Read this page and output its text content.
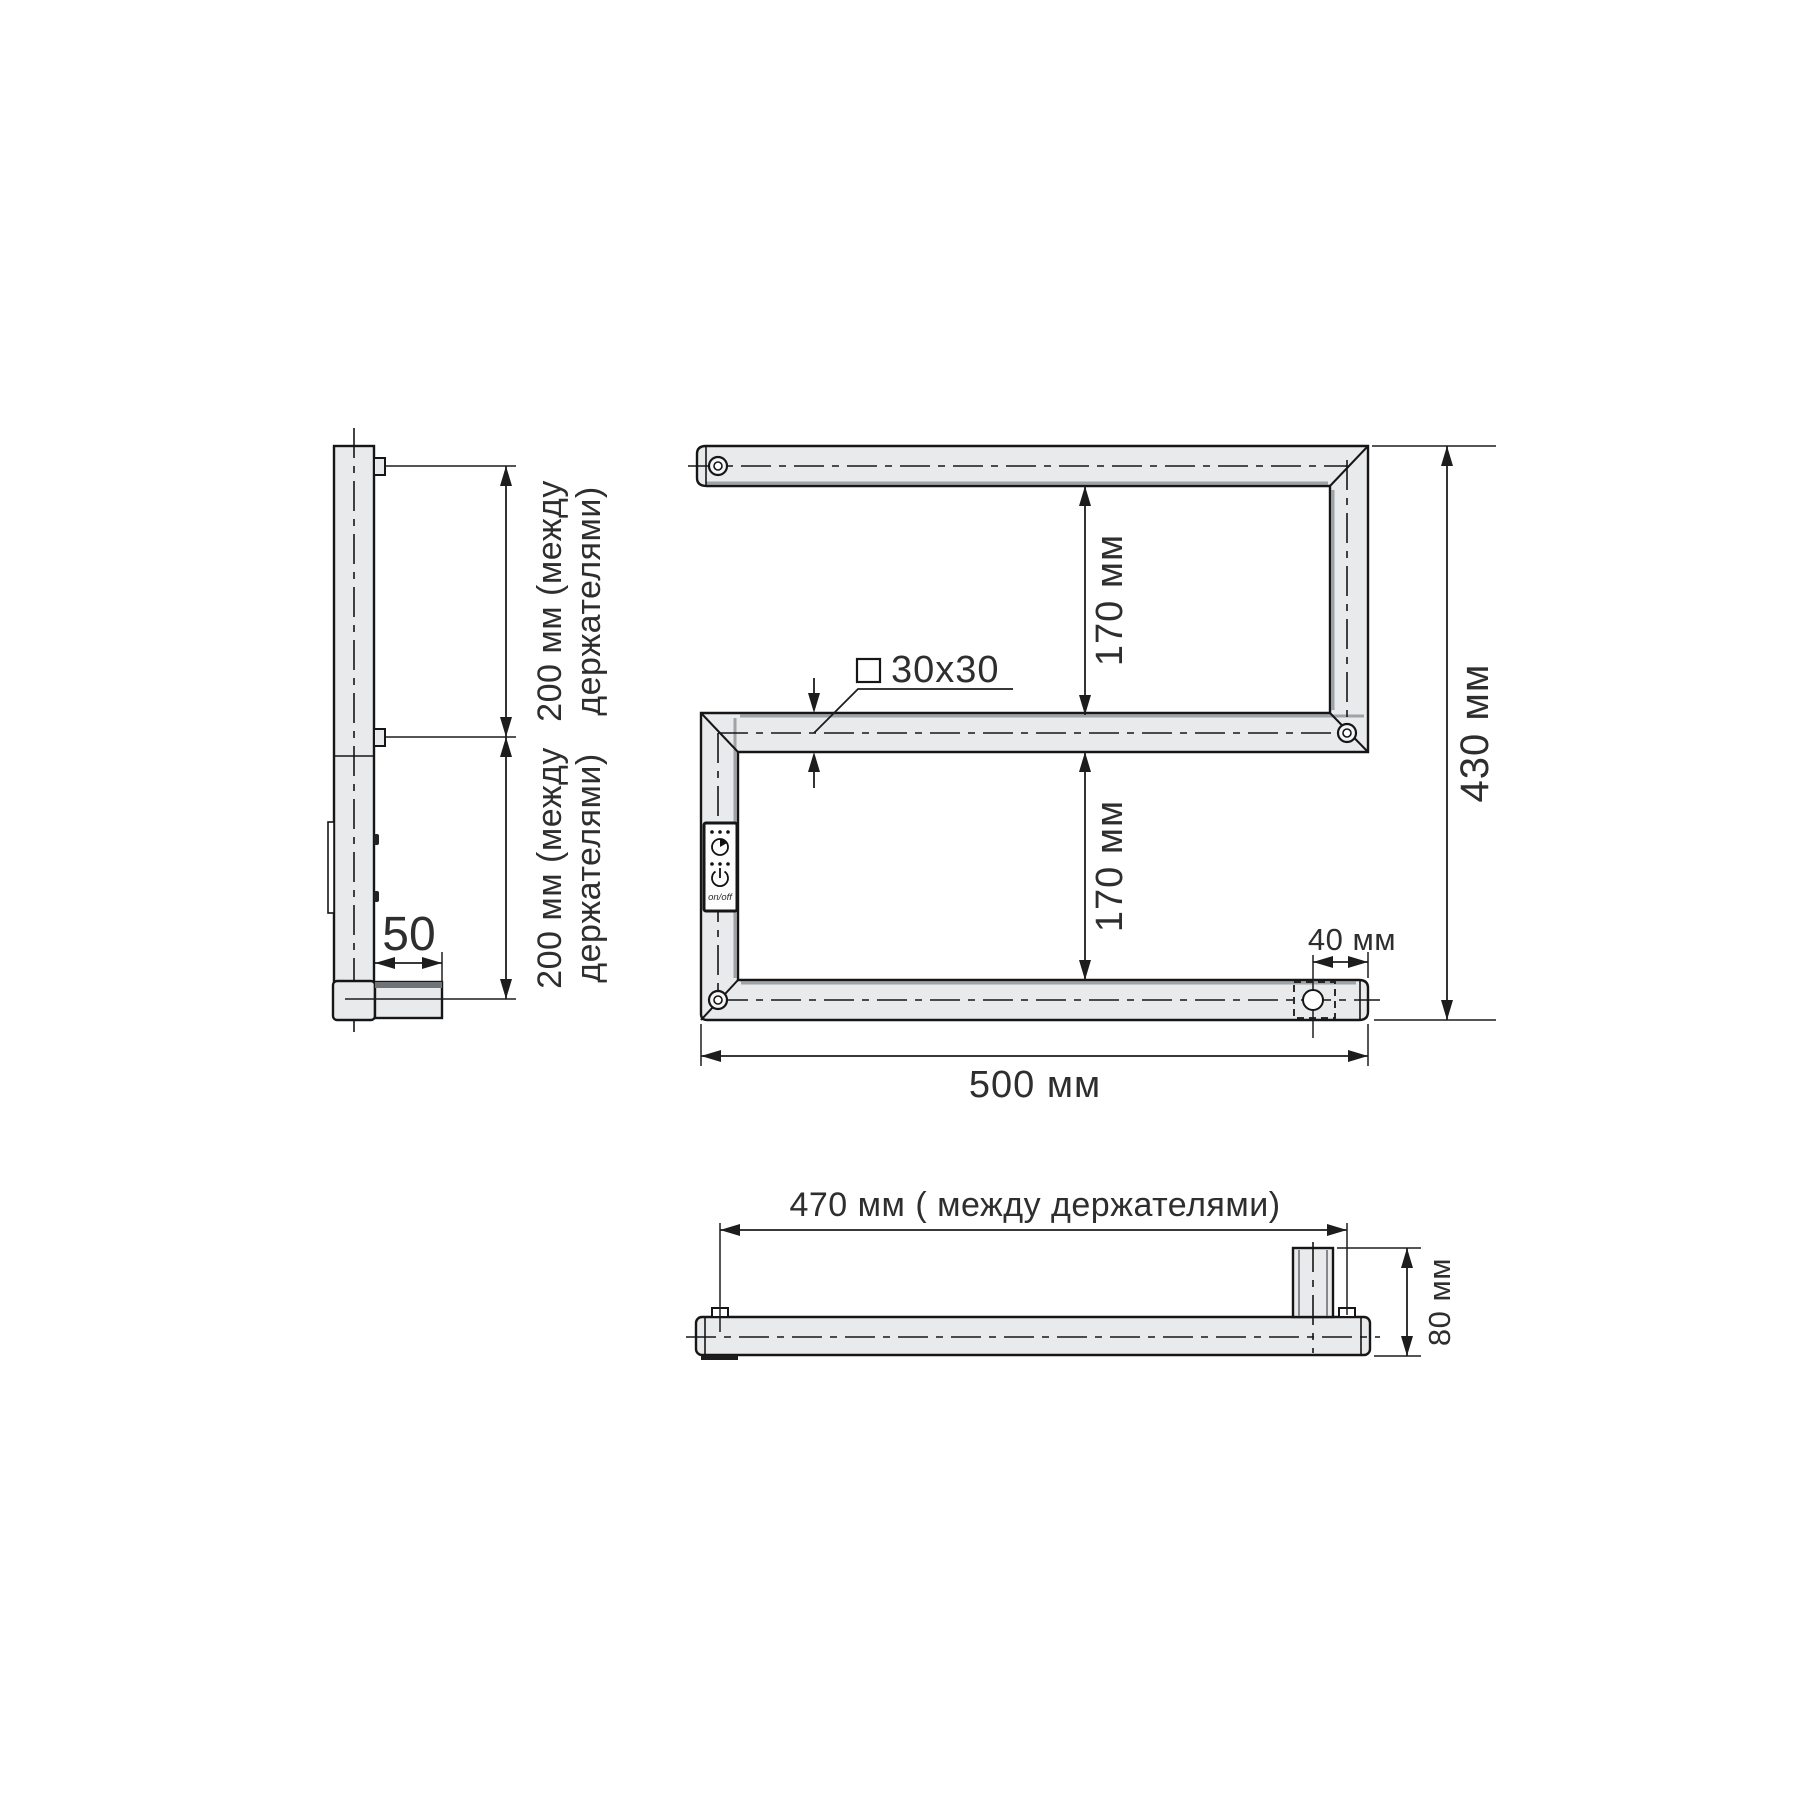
200 мм (между держателями)
200 мм (между держателями)
50
on/off
170 мм
170 мм
430 мм
500 мм
40 мм
30x30
470 мм ( между держателями)
80 мм
